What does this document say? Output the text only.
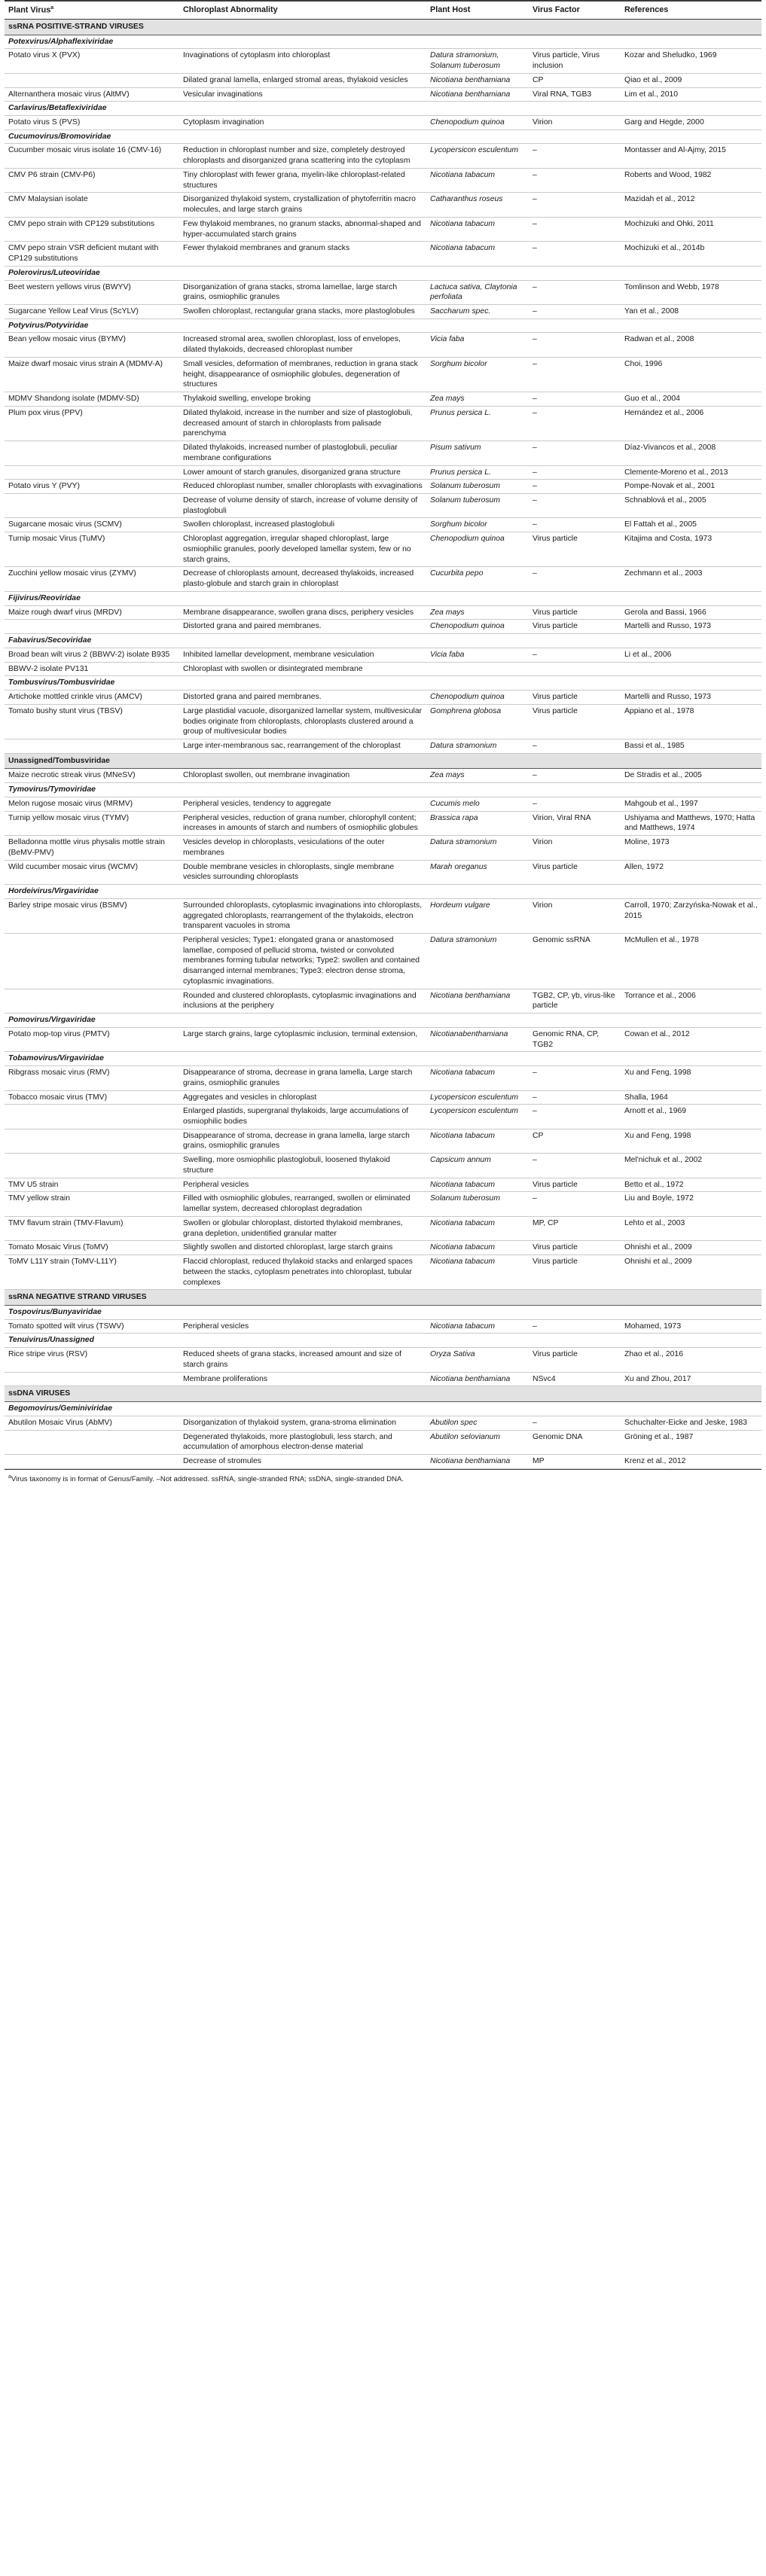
Plant Virus$^a$	Chloroplast Abnormality	Plant Host	Virus Factor	References
ssRNA POSITIVE-STRAND VIRUSES				
Potexvirus/Alphaflexiviridae				
Potato virus X (PVX)	Invaginations of cytoplasm into chloroplast	Datura stramonium, Solanum tuberosum	Virus particle, Virus inclusion	Kozar and Sheludko, 1969
	Dilated granal lamella, enlarged stromal areas, thylakoid vesicles	Nicotiana benthamiana	CP	Qiao et al., 2009
Alternanthera mosaic virus (AltMV)	Vesicular invaginations	Nicotiana benthamiana	Viral RNA, TGB3	Lim et al., 2010
Carlavirus/Betaflexiviridae				
Potato virus S (PVS)	Cytoplasm invagination	Chenopodium quinoa	Virion	Garg and Hegde, 2000
Cucumovirus/Bromoviridae				
Cucumber mosaic virus isolate 16 (CMV-16)	Reduction in chloroplast number and size, completely destroyed chloroplasts and disorganized grana scattering into the cytoplasm	Lycopersicon esculentum	–	Montasser and Al-Ajmy, 2015
CMV P6 strain (CMV-P6)	Tiny chloroplast with fewer grana, myelin-like chloroplast-related structures	Nicotiana tabacum	–	Roberts and Wood, 1982
CMV Malaysian isolate	Disorganized thylakoid system, crystallization of phytoferritin macro molecules, and large starch grains	Catharanthus roseus	–	Mazidah et al., 2012
CMV pepo strain with CP129 substitutions	Few thylakoid membranes, no granum stacks, abnormal-shaped and hyper-accumulated starch grains	Nicotiana tabacum	–	Mochizuki and Ohki, 2011
CMV pepo strain VSR deficient mutant with CP129 substitutions	Fewer thylakoid membranes and granum stacks	Nicotiana tabacum	–	Mochizuki et al., 2014b
Polerovirus/Luteoviridae				
Beet western yellows virus (BWYV)	Disorganization of grana stacks, stroma lamellae, large starch grains, osmiophilic granules	Lactuca sativa, Claytonia perfoliata	–	Tomlinson and Webb, 1978
Sugarcane Yellow Leaf Virus (ScYLV)	Swollen chloroplast, rectangular grana stacks, more plastoglobules	Saccharum spec.	–	Yan et al., 2008
Potyvirus/Potyviridae				
Bean yellow mosaic virus (BYMV)	Increased stromal area, swollen chloroplast, loss of envelopes, dilated thylakoids, decreased chloroplast number	Vicia faba	–	Radwan et al., 2008
Maize dwarf mosaic virus strain A (MDMV-A)	Small vesicles, deformation of membranes, reduction in grana stack height, disappearance of osmiophilic globules, degeneration of structures	Sorghum bicolor	–	Choi, 1996
MDMV Shandong isolate (MDMV-SD)	Thylakoid swelling, envelope broking	Zea mays	–	Guo et al., 2004
Plum pox virus (PPV)	Dilated thylakoid, increase in the number and size of plastoglobuli, decreased amount of starch in chloroplasts from palisade parenchyma	Prunus persica L.	–	Hernández et al., 2006
	Dilated thylakoids, increased number of plastoglobuli, peculiar membrane configurations	Pisum sativum	–	Díaz-Vivancos et al., 2008
	Lower amount of starch granules, disorganized grana structure	Prunus persica L.	–	Clemente-Moreno et al., 2013
Potato virus Y (PVY)	Reduced chloroplast number, smaller chloroplasts with exvaginations	Solanum tuberosum	–	Pompe-Novak et al., 2001
	Decrease of volume density of starch, increase of volume density of plastoglobuli	Solanum tuberosum	–	Schnablová et al., 2005
Sugarcane mosaic virus (SCMV)	Swollen chloroplast, increased plastoglobuli	Sorghum bicolor	–	El Fattah et al., 2005
Turnip mosaic Virus (TuMV)	Chloroplast aggregation, irregular shaped chloroplast, large osmiophilic granules, poorly developed lamellar system, few or no starch grains,	Chenopodium quinoa	Virus particle	Kitajima and Costa, 1973
Zucchini yellow mosaic virus (ZYMV)	Decrease of chloroplasts amount, decreased thylakoids, increased plasto-globule and starch grain in chloroplast	Cucurbita pepo	–	Zechmann et al., 2003
Fijivirus/Reoviridae				
Maize rough dwarf virus (MRDV)	Membrane disappearance, swollen grana discs, periphery vesicles	Zea mays	Virus particle	Gerola and Bassi, 1966
	Distorted grana and paired membranes.	Chenopodium quinoa	Virus particle	Martelli and Russo, 1973
Fabavirus/Secoviridae				
Broad bean wilt virus 2 (BBWV-2) isolate B935	Inhibited lamellar development, membrane vesiculation	Vicia faba	–	Li et al., 2006
BBWV-2 isolate PV131	Chloroplast with swollen or disintegrated membrane			
Tombusvirus/Tombusviridae				
Artichoke mottled crinkle virus (AMCV)	Distorted grana and paired membranes.	Chenopodium quinoa	Virus particle	Martelli and Russo, 1973
Tomato bushy stunt virus (TBSV)	Large plastidial vacuole, disorganized lamellar system, multivesicular bodies originate from chloroplasts, chloroplasts clustered around a group of multivesicular bodies	Gomphrena globosa	Virus particle	Appiano et al., 1978
	Large inter-membranous sac, rearrangement of the chloroplast	Datura stramonium	–	Bassi et al., 1985
Unassigned/Tombusviridae				
Maize necrotic streak virus (MNeSV)	Chloroplast swollen, out membrane invagination	Zea mays	–	De Stradis et al., 2005
Tymovirus/Tymoviridae				
Melon rugose mosaic virus (MRMV)	Peripheral vesicles, tendency to aggregate	Cucumis melo	–	Mahgoub et al., 1997
Turnip yellow mosaic virus (TYMV)	Peripheral vesicles, reduction of grana number, chlorophyll content; increases in amounts of starch and numbers of osmiophilic globules	Brassica rapa	Virion, Viral RNA	Ushiyama and Matthews, 1970; Hatta and Matthews, 1974
Belladonna mottle virus physalis mottle strain (BeMV-PMV)	Vesicles develop in chloroplasts, vesiculations of the outer membranes	Datura stramonium	Virion	Moline, 1973
Wild cucumber mosaic virus (WCMV)	Double membrane vesicles in chloroplasts, single membrane vesicles surrounding chloroplasts	Marah oreganus	Virus particle	Allen, 1972
Hordeivirus/Virgaviridae				
Barley stripe mosaic virus (BSMV)	Surrounded chloroplasts, cytoplasmic invaginations into chloroplasts, aggregated chloroplasts, rearrangement of the thylakoids, electron transparent vacuoles in stroma	Hordeum vulgare	Virion	Carroll, 1970; Zarzyńska-Nowak et al., 2015
	Peripheral vesicles; Type1: elongated grana or anastomosed lamellae, composed of pellucid stroma, twisted or convoluted membranes forming tubular networks; Type2: swollen and contained disarranged internal membranes; Type3: electron dense stroma, cytoplasmic invaginations.	Datura stramonium	Genomic ssRNA	McMullen et al., 1978
	Rounded and clustered chloroplasts, cytoplasmic invaginations and inclusions at the periphery	Nicotiana benthamiana	TGB2, CP, γb, virus-like particle	Torrance et al., 2006
Pomovirus/Virgaviridae				
Potato mop-top virus (PMTV)	Large starch grains, large cytoplasmic inclusion, terminal extension,	Nicotianabenthamiana	Genomic RNA, CP, TGB2	Cowan et al., 2012
Tobamovirus/Virgaviridae				
Ribgrass mosaic virus (RMV)	Disappearance of stroma, decrease in grana lamella, Large starch grains, osmiophilic granules	Nicotiana tabacum	–	Xu and Feng, 1998
Tobacco mosaic virus (TMV)	Aggregates and vesicles in chloroplast	Lycopersicon esculentum	–	Shalla, 1964
	Enlarged plastids, supergranal thylakoids, large accumulations of osmiophilic bodies	Lycopersicon esculentum	–	Arnott et al., 1969
	Disappearance of stroma, decrease in grana lamella, large starch grains, osmiophilic granules	Nicotiana tabacum	CP	Xu and Feng, 1998
	Swelling, more osmiophilic plastoglobuli, loosened thylakoid structure	Capsicum annum	–	Mel'nichuk et al., 2002
TMV U5 strain	Peripheral vesicles	Nicotiana tabacum	Virus particle	Betto et al., 1972
TMV yellow strain	Filled with osmiophilic globules, rearranged, swollen or eliminated lamellar system, decreased chloroplast degradation	Solanum tuberosum	–	Liu and Boyle, 1972
TMV flavum strain (TMV-Flavum)	Swollen or globular chloroplast, distorted thylakoid membranes, grana depletion, unidentified granular matter	Nicotiana tabacum	MP, CP	Lehto et al., 2003
Tomato Mosaic Virus (ToMV)	Slightly swollen and distorted chloroplast, large starch grains	Nicotiana tabacum	Virus particle	Ohnishi et al., 2009
ToMV L11Y strain (ToMV-L11Y)	Flaccid chloroplast, reduced thylakoid stacks and enlarged spaces between the stacks, cytoplasm penetrates into chloroplast, tubular complexes	Nicotiana tabacum	Virus particle	Ohnishi et al., 2009
ssRNA NEGATIVE STRAND VIRUSES				
Tospovirus/Bunyaviridae				
Tomato spotted wilt virus (TSWV)	Peripheral vesicles	Nicotiana tabacum	–	Mohamed, 1973
Tenuivirus/Unassigned				
Rice stripe virus (RSV)	Reduced sheets of grana stacks, increased amount and size of starch grains	Oryza Sativa	Virus particle	Zhao et al., 2016
	Membrane proliferations	Nicotiana benthamiana	NSvc4	Xu and Zhou, 2017
ssDNA VIRUSES				
Begomovirus/Geminiviridae				
Abutilon Mosaic Virus (AbMV)	Disorganization of thylakoid system, grana-stroma elimination	Abutilon spec	–	Schuchalter-Eicke and Jeske, 1983
	Degenerated thylakoids, more plastoglobuli, less starch, and accumulation of amorphous electron-dense material	Abutilon selovianum	Genomic DNA	Gröning et al., 1987
	Decrease of stromules	Nicotiana benthamiana	MP	Krenz et al., 2012
$^a$Virus taxonomy is in format of Genus/Family. –Not addressed. ssRNA, single-stranded RNA; ssDNA, single-stranded DNA.
